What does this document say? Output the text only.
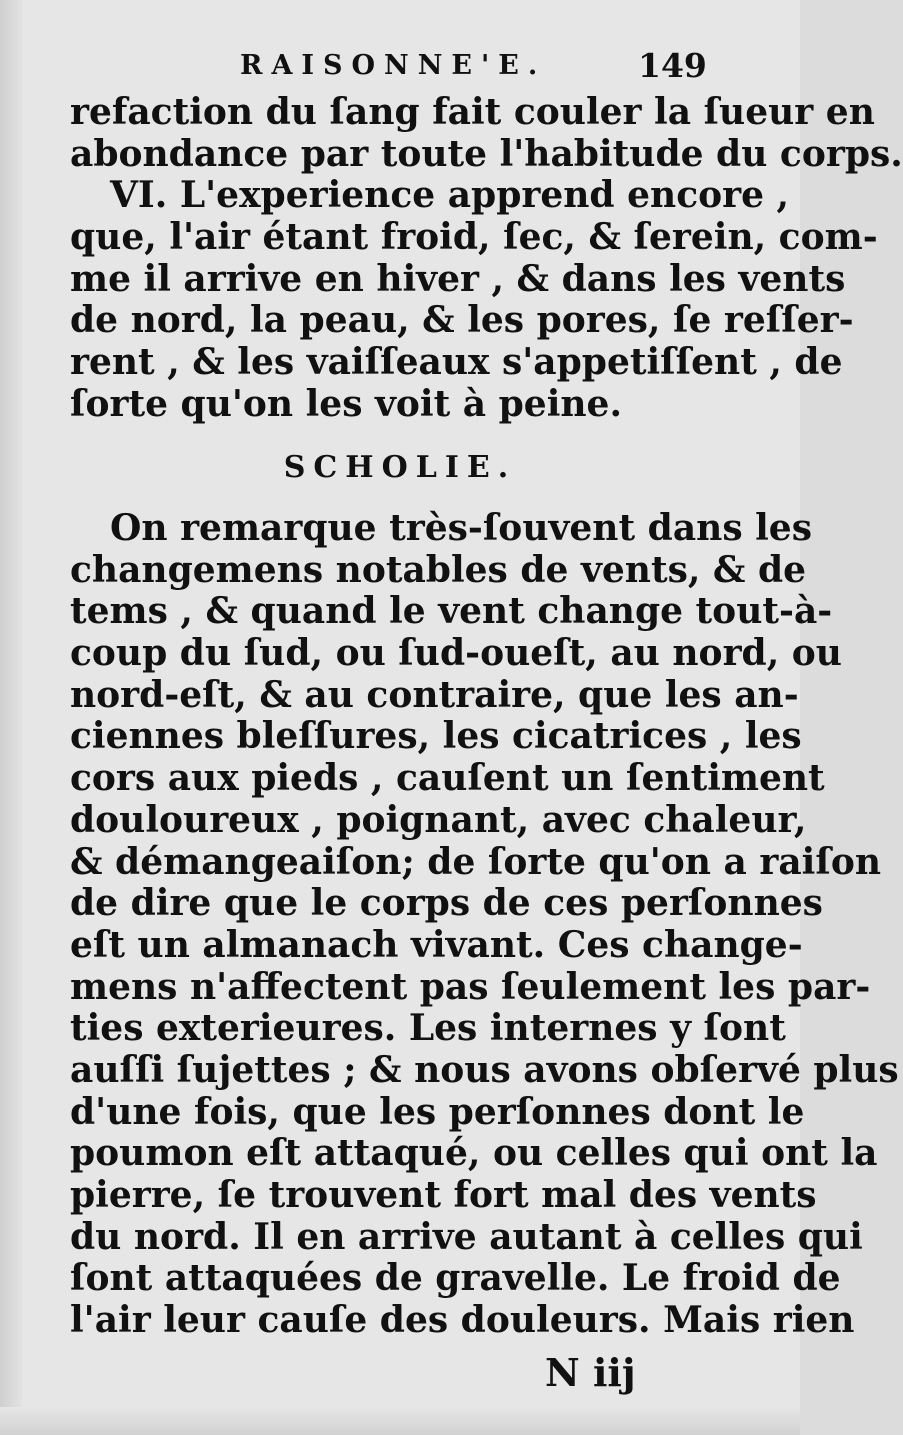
RAISONNE'E.	149
refaction du ſang fait couler la ſueur en
abondance par toute l'habitude du corps.
VI. L'experience apprend encore ,
que, l'air étant froid, ſec, & ſerein, com-
me il arrive en hiver , & dans les vents
de nord, la peau, & les pores, ſe reſſer-
rent , & les vaiſſeaux s'appetiſſent , de
ſorte qu'on les voit à peine.
SCHOLIE.
On remarque très-ſouvent dans les
changemens notables de vents, & de
tems , & quand le vent change tout-à-
coup du ſud, ou ſud-oueſt, au nord, ou
nord-eſt, & au contraire, que les an-
ciennes bleſſures, les cicatrices , les
cors aux pieds , cauſent un ſentiment
douloureux , poignant, avec chaleur,
& démangeaiſon; de ſorte qu'on a raiſon
de dire que le corps de ces perſonnes
eſt un almanach vivant. Ces change-
mens n'affectent pas ſeulement les par-
ties exterieures. Les internes y ſont
auſſi ſujettes ; & nous avons obſervé plus
d'une fois, que les perſonnes dont le
poumon eſt attaqué, ou celles qui ont la
pierre, ſe trouvent fort mal des vents
du nord. Il en arrive autant à celles qui
ſont attaquées de gravelle. Le froid de
l'air leur cauſe des douleurs. Mais rien
N iij
